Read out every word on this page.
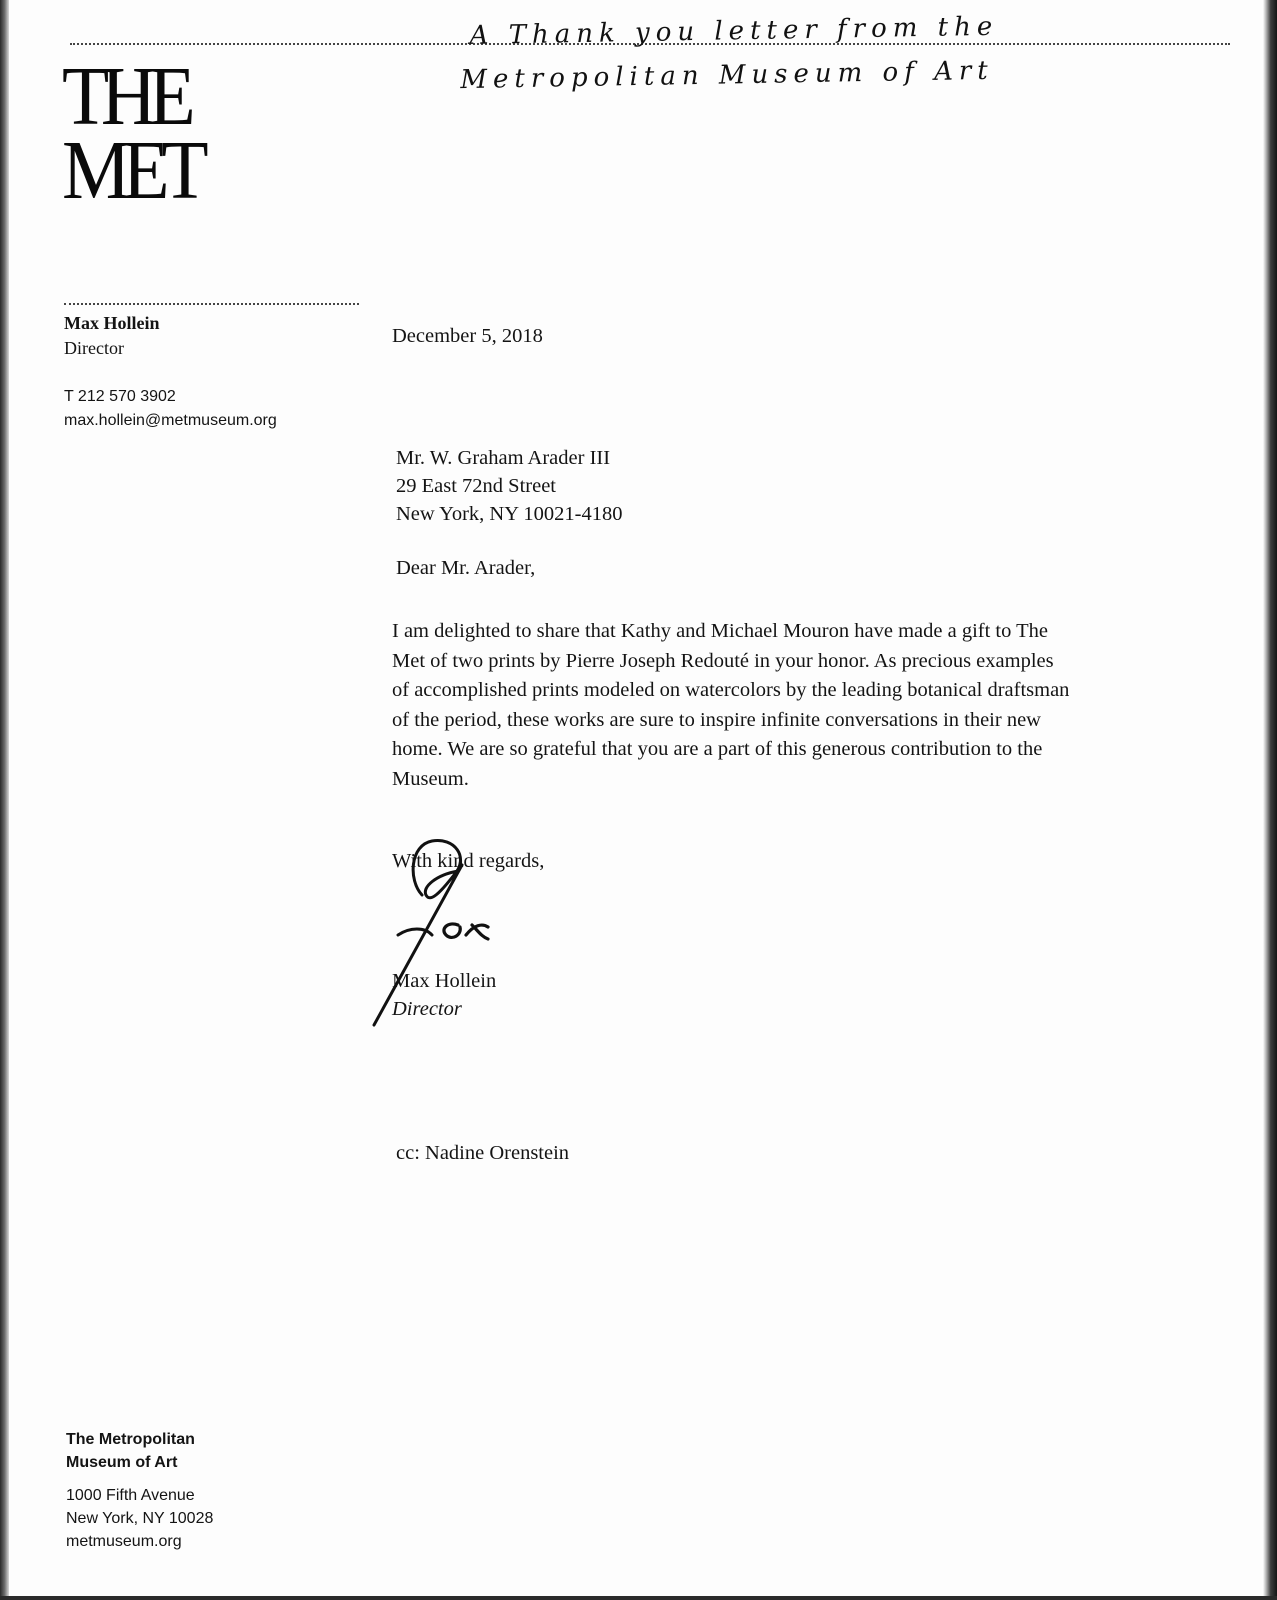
A Thank you letter from the
Metropolitan Museum of Art

THE
MET
Max Hollein
Director
T 212 570 3902
max.hollein@metmuseum.org
December 5, 2018
Mr. W. Graham Arader III
29 East 72nd Street
New York, NY 10021-4180
Dear Mr. Arader,

I am delighted to share that Kathy and Michael Mouron have made a gift to The Met of two prints by Pierre Joseph Redouté in your honor. As precious examples of accomplished prints modeled on watercolors by the leading botanical draftsman of the period, these works are sure to inspire infinite conversations in their new home. We are so grateful that you are a part of this generous contribution to the Museum.

With kind regards,
Max Hollein
Director
cc: Nadine Orenstein
The Metropolitan
Museum of Art
1000 Fifth Avenue
New York, NY 10028
metmuseum.org
